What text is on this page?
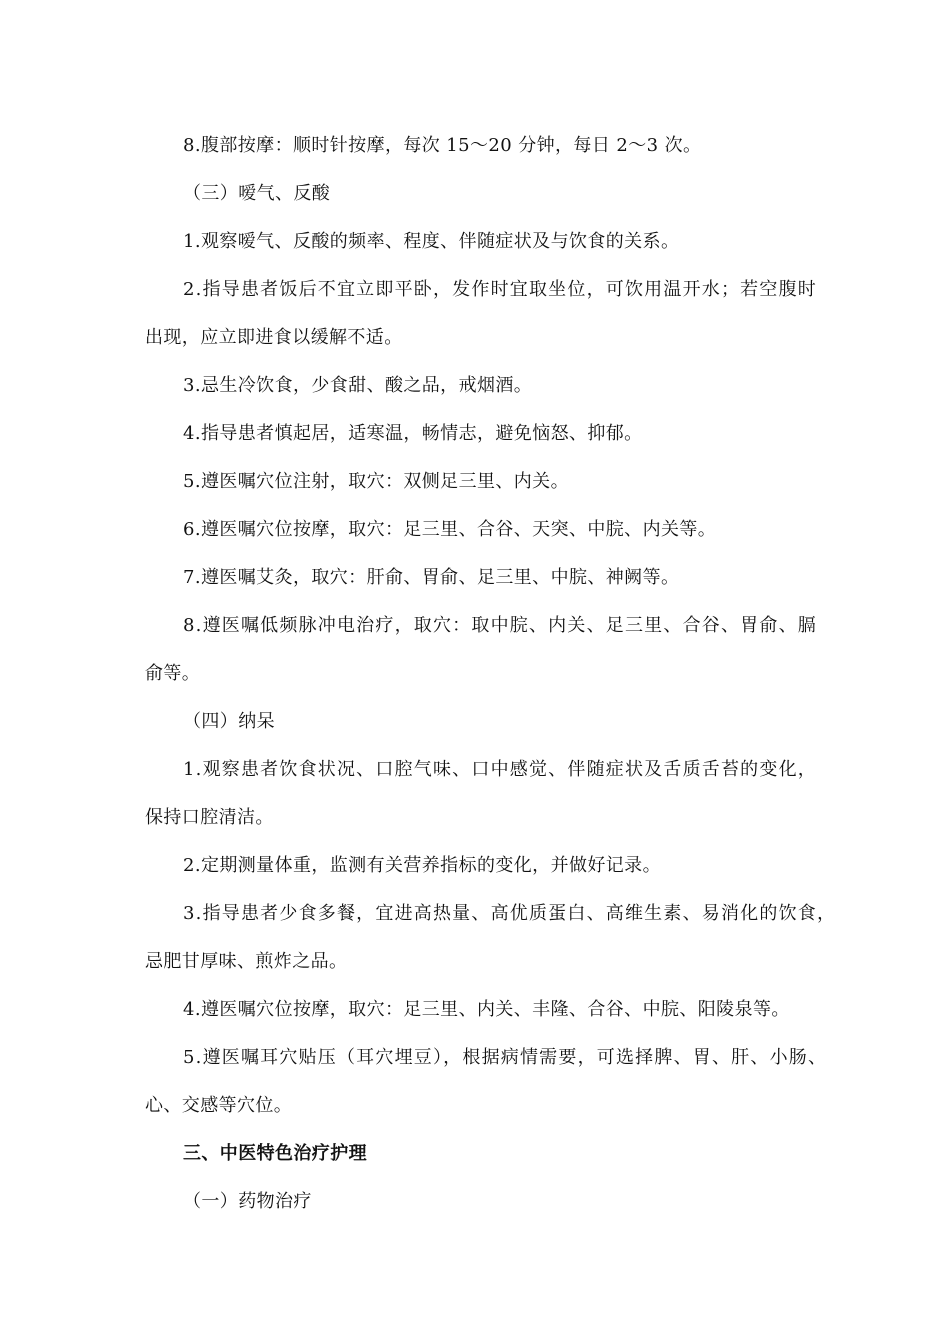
8.腹部按摩：顺时针按摩，每次 15～20 分钟，每日 2～3 次。

（三）嗳气、反酸

1.观察嗳气、反酸的频率、程度、伴随症状及与饮食的关系。

2.指导患者饭后不宜立即平卧，发作时宜取坐位，可饮用温开水；若空腹时

出现，应立即进食以缓解不适。

3.忌生冷饮食，少食甜、酸之品，戒烟酒。

4.指导患者慎起居，适寒温，畅情志，避免恼怒、抑郁。

5.遵医嘱穴位注射，取穴：双侧足三里、内关。

6.遵医嘱穴位按摩，取穴：足三里、合谷、天突、中脘、内关等。

7.遵医嘱艾灸，取穴：肝俞、胃俞、足三里、中脘、神阙等。

8.遵医嘱低频脉冲电治疗，取穴：取中脘、内关、足三里、合谷、胃俞、膈

俞等。

（四）纳呆

1.观察患者饮食状况、口腔气味、口中感觉、伴随症状及舌质舌苔的变化，

保持口腔清洁。

2.定期测量体重，监测有关营养指标的变化，并做好记录。

3.指导患者少食多餐，宜进高热量、高优质蛋白、高维生素、易消化的饮食，

忌肥甘厚味、煎炸之品。

4.遵医嘱穴位按摩，取穴：足三里、内关、丰隆、合谷、中脘、阳陵泉等。

5.遵医嘱耳穴贴压（耳穴埋豆），根据病情需要，可选择脾、胃、肝、小肠、

心、交感等穴位。

三、中医特色治疗护理

（一）药物治疗
